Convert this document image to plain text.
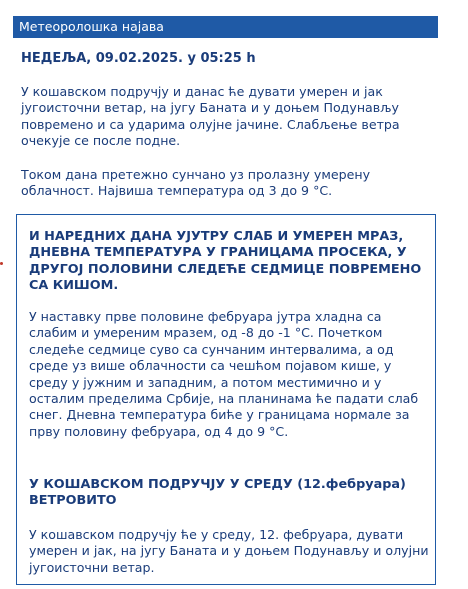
Метеоролошка најава
НЕДЕЉА, 09.02.2025. у 05:25 h
У кошавском подручју и данас ће дувати умерен и јак југоисточни ветар, на југу Баната и у доњем Подунављу повремено и са ударима олујне јачине. Слабљење ветра очекује се после подне.
Током дана претежно сунчано уз пролазну умерену облачност. Највиша температура од 3 до 9 °C.
И НАРЕДНИХ ДАНА УЈУТРУ СЛАБ И УМЕРЕН МРАЗ, ДНЕВНА ТЕМПЕРАТУРА У ГРАНИЦАМА ПРОСЕКА, У ДРУГОЈ ПОЛОВИНИ СЛЕДЕЋЕ СЕДМИЦЕ ПОВРЕМЕНО СА КИШОМ.
У наставку прве половине фебруара јутра хладна са слабим и умереним мразем, од -8 до -1 °C. Почетком следеће седмице суво са сунчаним интервалима, а од среде уз више облачности са чешћом појавом кише, у среду у јужним и западним, а потом местимично и у осталим пределима Србије, на планинама ће падати слаб снег. Дневна температура биће у границама нормале за прву половину фебруара, од 4 до 9 °C.
У КОШАВСКОМ ПОДРУЧЈУ У СРЕДУ (12.фебруара) ВЕТРОВИТО
У кошавском подручју ће у среду, 12. фебруара, дувати умерен и јак, на југу Баната и у доњем Подунављу и олујни југоисточни ветар.
